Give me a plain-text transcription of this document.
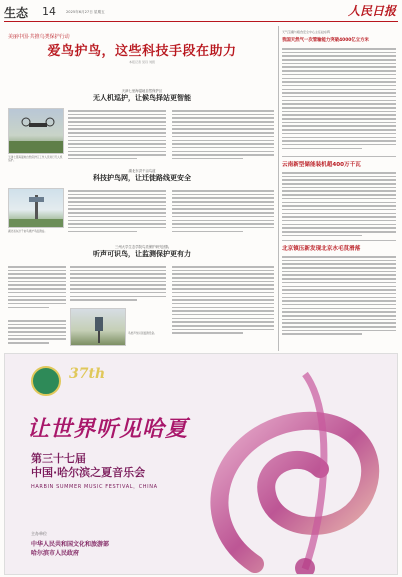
生态 14	2025年6月27日 星期五	人民日报
美丽中国·共推乌类保护行动
爱鸟护鸟，这些科技手段在助力
本报记者 吴丹 刘毅
天津七里海湿地自然保护区
无人机巡护，让候鸟择站更智能
天津七里海湿地自然保护区工作人员进行无人机巡护。
湖北东洪千亩鸟道
科技护鸟网，让迁徙路线更安全
湖北省东洪千亩鸟道护鸟监测站。
三州大学生态学院鸟类保护研究团队
听声可识鸟，让监测保护更有力
鸟类声纹识别监测设备。
天气宝藏与粮食安全中心主任赵东辉
我国天然气一次管输能力突破4000亿立方米
云南新型储能装机超400万千瓦
北京镇压新发现北京水毛茛滑落
37th
让世界听见哈夏
第三十七届
中国·哈尔滨之夏音乐会
HARBIN SUMMER MUSIC FESTIVAL，CHINA
主办单位
中华人民共和国文化和旅游部
哈尔滨市人民政府
